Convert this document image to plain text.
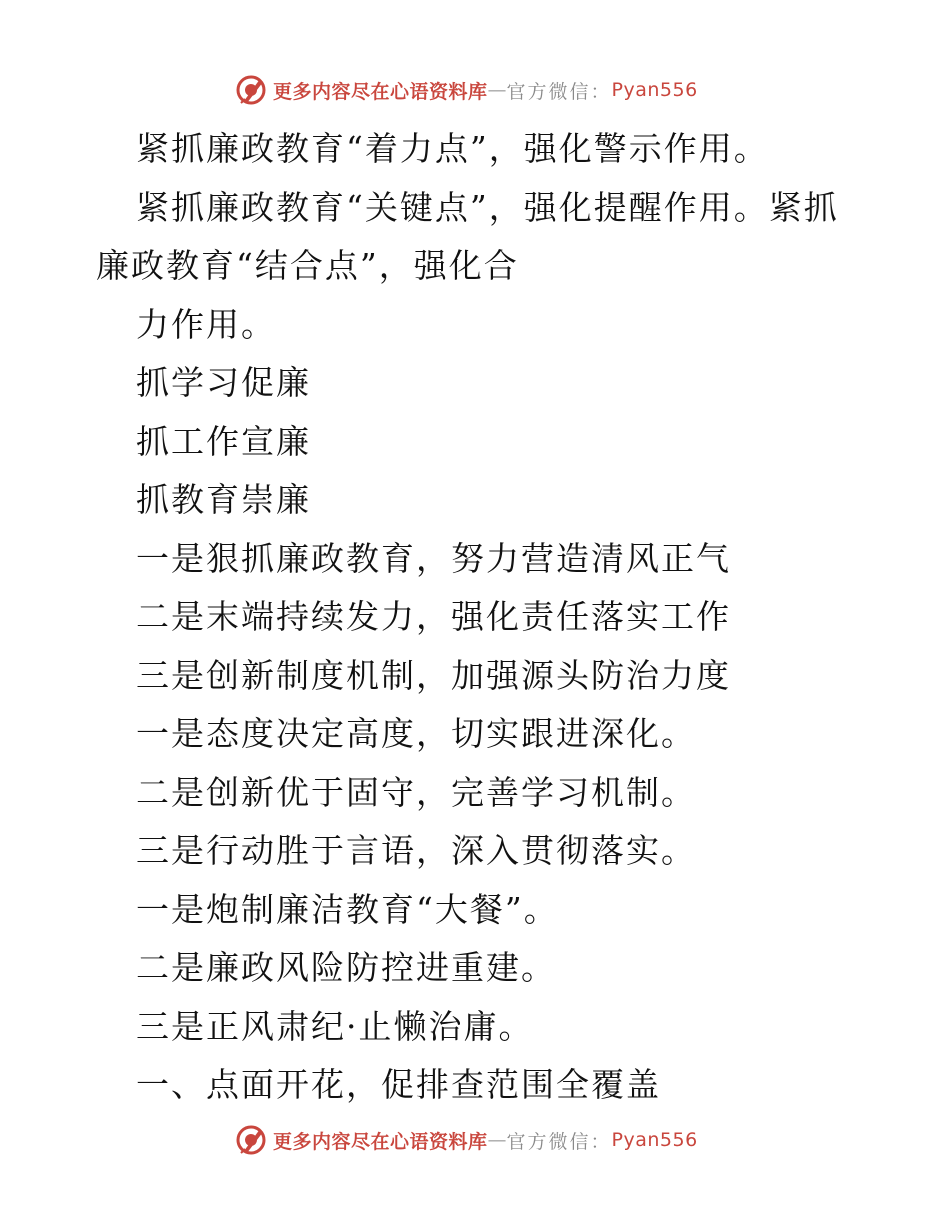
更多内容尽在心语资料库 — 官方微信： Pyan556

紧抓廉政教育“着力点”，强化警示作用。

紧抓廉政教育“关键点”，强化提醒作用。紧抓廉政教育“结合点”，强化合

力作用。

抓学习促廉

抓工作宣廉

抓教育崇廉

一是狠抓廉政教育，努力营造清风正气

二是末端持续发力，强化责任落实工作

三是创新制度机制，加强源头防治力度

一是态度决定高度，切实跟进深化。

二是创新优于固守，完善学习机制。

三是行动胜于言语，深入贯彻落实。

一是炮制廉洁教育“大餐”。

二是廉政风险防控进重建。

三是正风肃纪·止懒治庸。

一、点面开花，促排查范围全覆盖

更多内容尽在心语资料库 — 官方微信： Pyan556
